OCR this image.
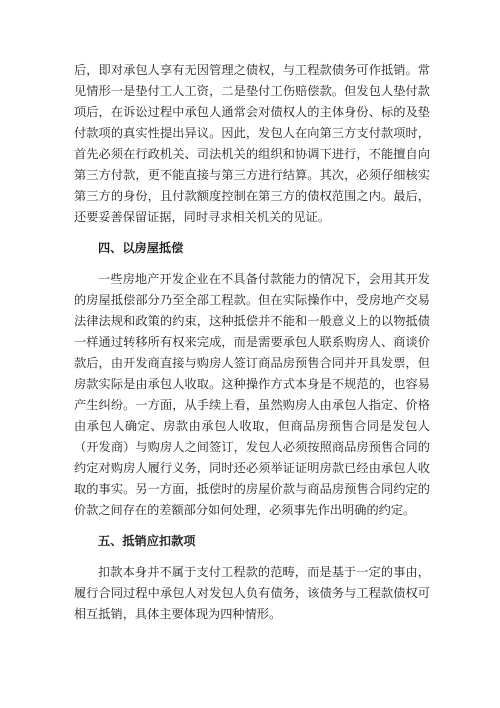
后，即对承包人享有无因管理之债权，与工程款债务可作抵销。常见情形一是垫付工人工资，二是垫付工伤赔偿款。但发包人垫付款项后，在诉讼过程中承包人通常会对债权人的主体身份、标的及垫付款项的真实性提出异议。因此，发包人在向第三方支付款项时，首先必须在行政机关、司法机关的组织和协调下进行，不能擅自向第三方付款，更不能直接与第三方进行结算。其次，必须仔细核实第三方的身份，且付款额度控制在第三方的债权范围之内。最后，还要妥善保留证据，同时寻求相关机关的见证。

四、以房屋抵偿

一些房地产开发企业在不具备付款能力的情况下，会用其开发的房屋抵偿部分乃至全部工程款。但在实际操作中，受房地产交易法律法规和政策的约束，这种抵偿并不能和一般意义上的以物抵债一样通过转移所有权来完成，而是需要承包人联系购房人、商谈价款后，由开发商直接与购房人签订商品房预售合同并开具发票，但房款实际是由承包人收取。这种操作方式本身是不规范的，也容易产生纠纷。一方面，从手续上看，虽然购房人由承包人指定、价格由承包人确定、房款由承包人收取，但商品房预售合同是发包人（开发商）与购房人之间签订，发包人必须按照商品房预售合同的约定对购房人履行义务，同时还必须举证证明房款已经由承包人收取的事实。另一方面，抵偿时的房屋价款与商品房预售合同约定的价款之间存在的差额部分如何处理，必须事先作出明确的约定。

五、抵销应扣款项

扣款本身并不属于支付工程款的范畴，而是基于一定的事由，履行合同过程中承包人对发包人负有债务，该债务与工程款债权可相互抵销，具体主要体现为四种情形。
